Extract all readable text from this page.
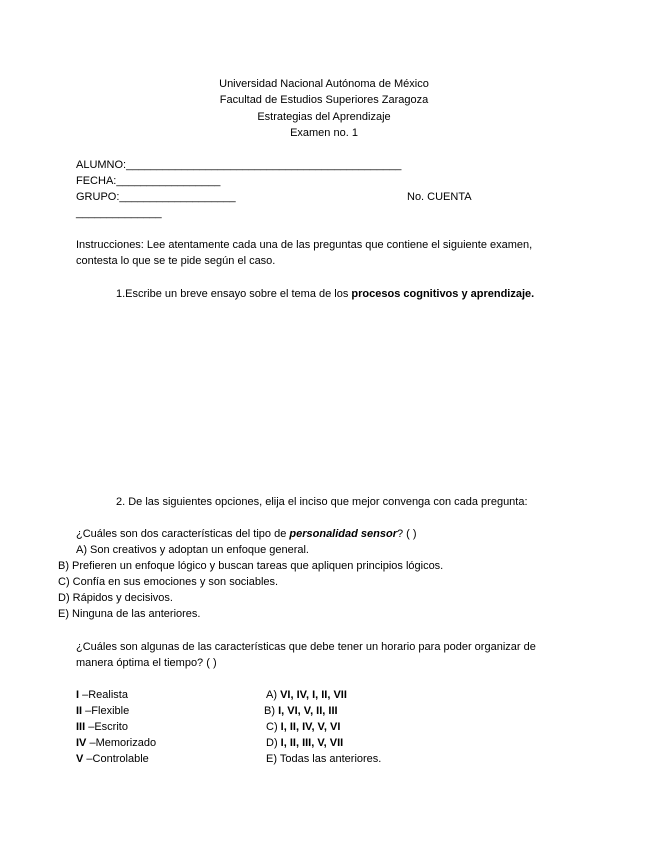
Universidad Nacional Autónoma de México
Facultad de Estudios Superiores Zaragoza
Estrategias del Aprendizaje
Examen no. 1
ALUMNO:_____________________________________________
FECHA:_________________
GRUPO:___________________	No. CUENTA
______________
Instrucciones: Lee atentamente cada una de las preguntas que contiene el siguiente examen,
contesta lo que se te pide según el caso.
1.Escribe un breve ensayo sobre el tema de los procesos cognitivos y aprendizaje.
2. De las siguientes opciones, elija el inciso que mejor convenga con cada pregunta:
¿Cuáles son dos características del tipo de personalidad sensor? ( )
A) Son creativos y adoptan un enfoque general.
B) Prefieren un enfoque lógico y buscan tareas que apliquen principios lógicos.
C) Confía en sus emociones y son sociables.
D) Rápidos y decisivos.
E) Ninguna de las anteriores.
¿Cuáles son algunas de las características que debe tener un horario para poder organizar de
manera óptima el tiempo? ( )
I –Realista
II –Flexible
III –Escrito
IV –Memorizado
V –Controlable
A) VI, IV, I, II, VII
B) I, VI, V, II, III
C) I, II, IV, V, VI
D) I, II, III, V, VII
E) Todas las anteriores.
